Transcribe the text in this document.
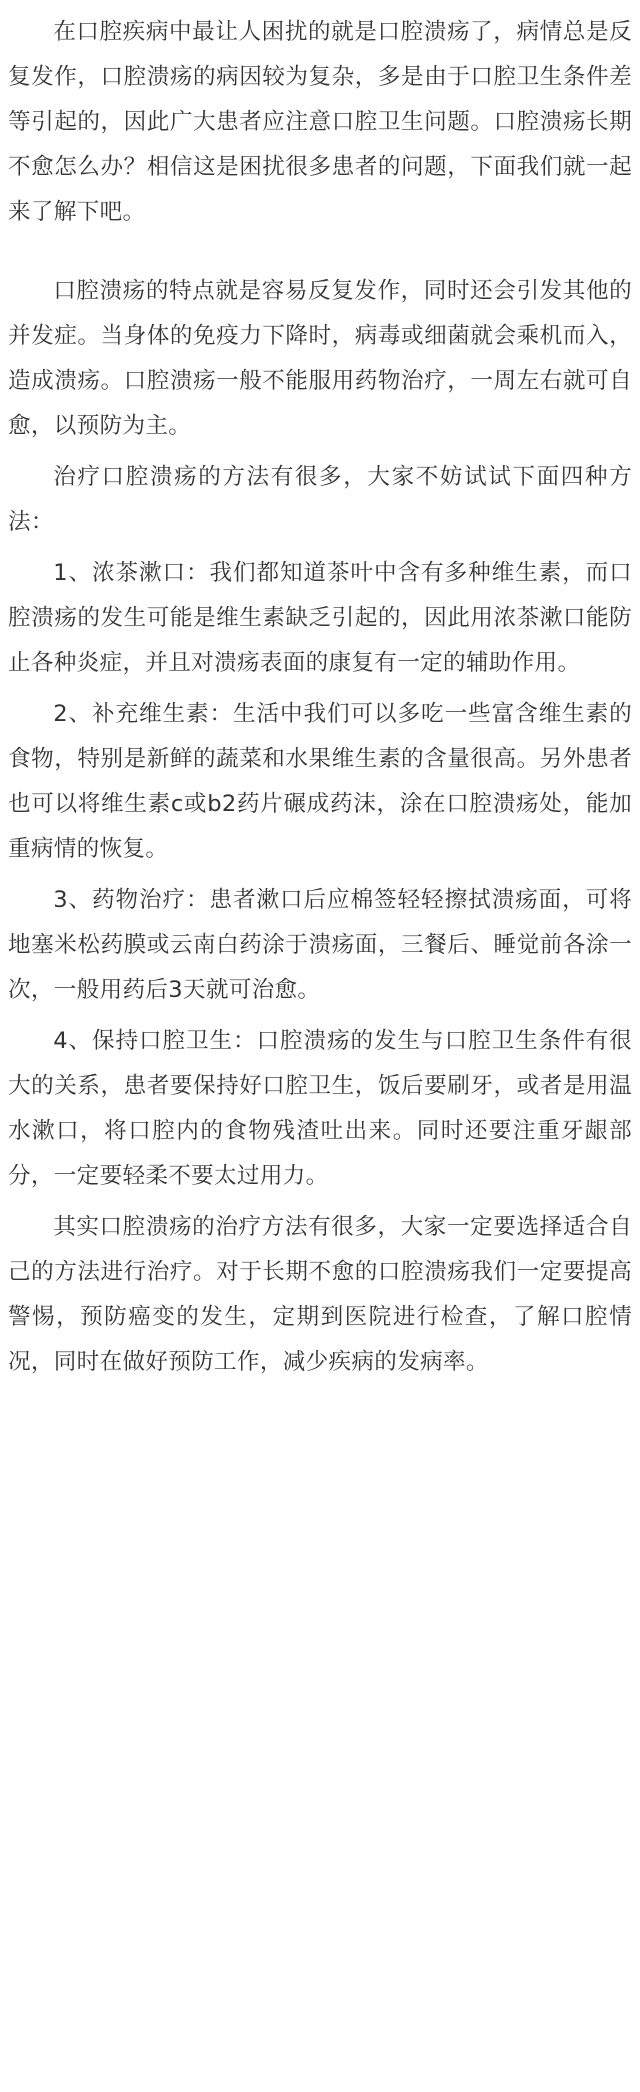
在口腔疾病中最让人困扰的就是口腔溃疡了，病情总是反复发作，口腔溃疡的病因较为复杂，多是由于口腔卫生条件差等引起的，因此广大患者应注意口腔卫生问题。口腔溃疡长期不愈怎么办？相信这是困扰很多患者的问题，下面我们就一起来了解下吧。

口腔溃疡的特点就是容易反复发作，同时还会引发其他的并发症。当身体的免疫力下降时，病毒或细菌就会乘机而入，造成溃疡。口腔溃疡一般不能服用药物治疗，一周左右就可自愈，以预防为主。

治疗口腔溃疡的方法有很多，大家不妨试试下面四种方法：

1、浓茶漱口：我们都知道茶叶中含有多种维生素，而口腔溃疡的发生可能是维生素缺乏引起的，因此用浓茶漱口能防止各种炎症，并且对溃疡表面的康复有一定的辅助作用。

2、补充维生素：生活中我们可以多吃一些富含维生素的食物，特别是新鲜的蔬菜和水果维生素的含量很高。另外患者也可以将维生素c或b2药片碾成药沫，涂在口腔溃疡处，能加重病情的恢复。

3、药物治疗：患者漱口后应棉签轻轻擦拭溃疡面，可将地塞米松药膜或云南白药涂于溃疡面，三餐后、睡觉前各涂一次，一般用药后3天就可治愈。

4、保持口腔卫生：口腔溃疡的发生与口腔卫生条件有很大的关系，患者要保持好口腔卫生，饭后要刷牙，或者是用温水漱口，将口腔内的食物残渣吐出来。同时还要注重牙龈部分，一定要轻柔不要太过用力。

其实口腔溃疡的治疗方法有很多，大家一定要选择适合自己的方法进行治疗。对于长期不愈的口腔溃疡我们一定要提高警惕，预防癌变的发生，定期到医院进行检查，了解口腔情况，同时在做好预防工作，减少疾病的发病率。
